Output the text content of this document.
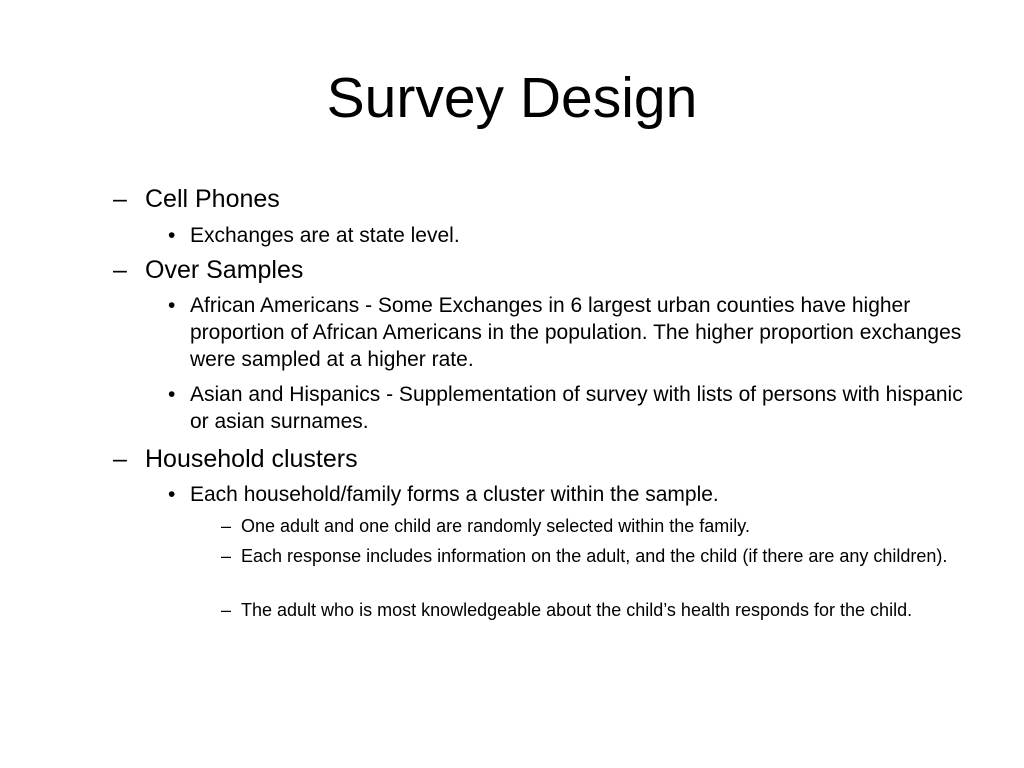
Survey Design

– Cell Phones

• Exchanges are at state level.

– Over Samples

• African Americans - Some Exchanges in 6 largest urban counties have higher proportion of African Americans in the population. The higher proportion exchanges were sampled at a higher rate.

• Asian and Hispanics - Supplementation of survey with lists of persons with hispanic or asian surnames.

– Household clusters

• Each household/family forms a cluster within the sample.

– One adult and one child are randomly selected within the family.

– Each response includes information on the adult, and the child (if there are any children).

– The adult who is most knowledgeable about the child’s health responds for the child.
